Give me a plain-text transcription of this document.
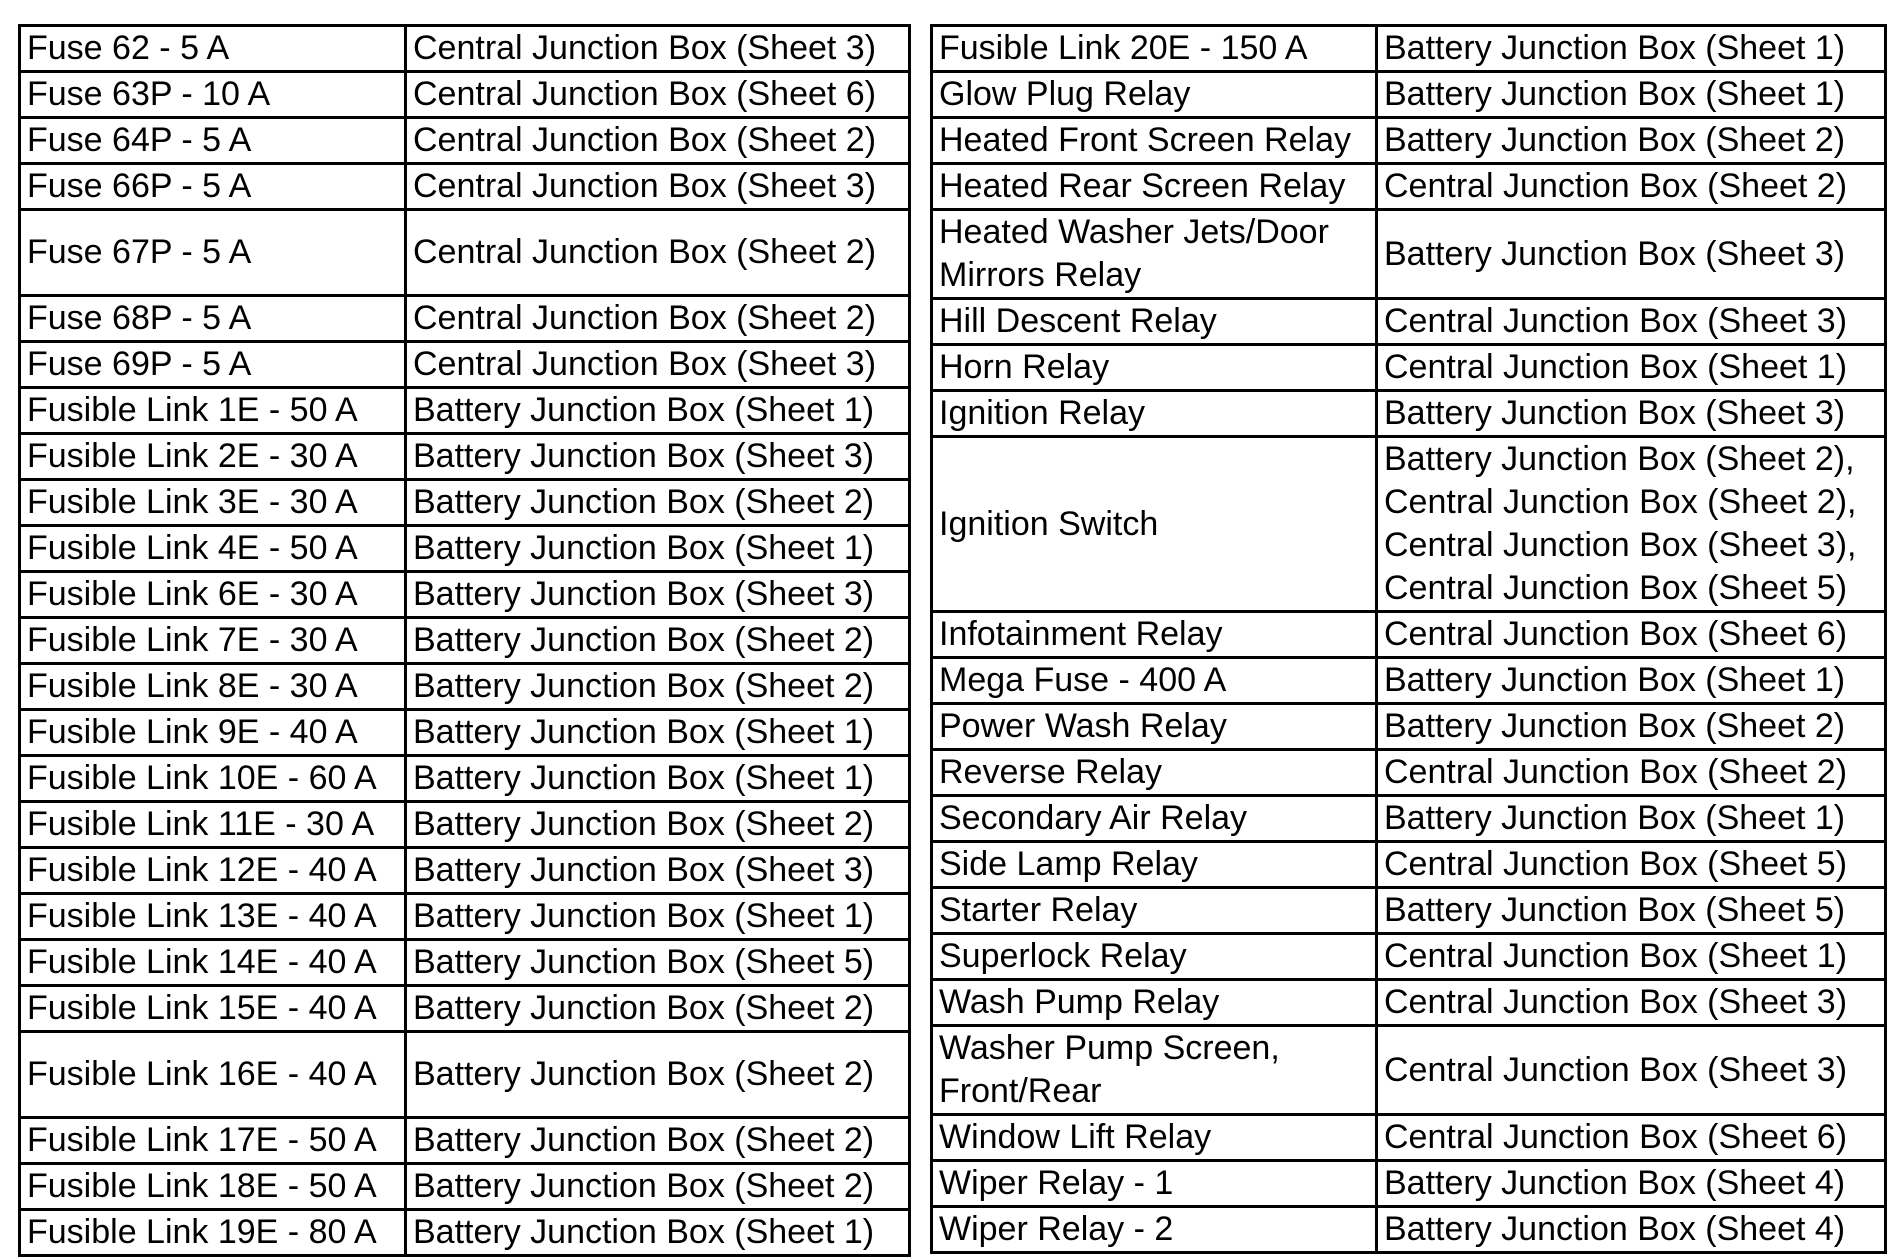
Fuse 62 - 5 A	Central Junction Box (Sheet 3)
Fuse 63P - 10 A	Central Junction Box (Sheet 6)
Fuse 64P - 5 A	Central Junction Box (Sheet 2)
Fuse 66P - 5 A	Central Junction Box (Sheet 3)
Fuse 67P - 5 A	Central Junction Box (Sheet 2)
Fuse 68P - 5 A	Central Junction Box (Sheet 2)
Fuse 69P - 5 A	Central Junction Box (Sheet 3)
Fusible Link 1E - 50 A	Battery Junction Box (Sheet 1)
Fusible Link 2E - 30 A	Battery Junction Box (Sheet 3)
Fusible Link 3E - 30 A	Battery Junction Box (Sheet 2)
Fusible Link 4E - 50 A	Battery Junction Box (Sheet 1)
Fusible Link 6E - 30 A	Battery Junction Box (Sheet 3)
Fusible Link 7E - 30 A	Battery Junction Box (Sheet 2)
Fusible Link 8E - 30 A	Battery Junction Box (Sheet 2)
Fusible Link 9E - 40 A	Battery Junction Box (Sheet 1)
Fusible Link 10E - 60 A	Battery Junction Box (Sheet 1)
Fusible Link 11E - 30 A	Battery Junction Box (Sheet 2)
Fusible Link 12E - 40 A	Battery Junction Box (Sheet 3)
Fusible Link 13E - 40 A	Battery Junction Box (Sheet 1)
Fusible Link 14E - 40 A	Battery Junction Box (Sheet 5)
Fusible Link 15E - 40 A	Battery Junction Box (Sheet 2)
Fusible Link 16E - 40 A	Battery Junction Box (Sheet 2)
Fusible Link 17E - 50 A	Battery Junction Box (Sheet 2)
Fusible Link 18E - 50 A	Battery Junction Box (Sheet 2)
Fusible Link 19E - 80 A	Battery Junction Box (Sheet 1)
Fusible Link 20E - 150 A	Battery Junction Box (Sheet 1)
Glow Plug Relay	Battery Junction Box (Sheet 1)
Heated Front Screen Relay	Battery Junction Box (Sheet 2)
Heated Rear Screen Relay	Central Junction Box (Sheet 2)
Heated Washer Jets/Door Mirrors Relay	Battery Junction Box (Sheet 3)
Hill Descent Relay	Central Junction Box (Sheet 3)
Horn Relay	Central Junction Box (Sheet 1)
Ignition Relay	Battery Junction Box (Sheet 3)
Ignition Switch	Battery Junction Box (Sheet 2),
Central Junction Box (Sheet 2),
Central Junction Box (Sheet 3),
Central Junction Box (Sheet 5)

Infotainment Relay	Central Junction Box (Sheet 6)
Mega Fuse - 400 A	Battery Junction Box (Sheet 1)
Power Wash Relay	Battery Junction Box (Sheet 2)
Reverse Relay	Central Junction Box (Sheet 2)
Secondary Air Relay	Battery Junction Box (Sheet 1)
Side Lamp Relay	Central Junction Box (Sheet 5)
Starter Relay	Battery Junction Box (Sheet 5)
Superlock Relay	Central Junction Box (Sheet 1)
Wash Pump Relay	Central Junction Box (Sheet 3)
Washer Pump Screen, Front/Rear	Central Junction Box (Sheet 3)
Window Lift Relay	Central Junction Box (Sheet 6)
Wiper Relay - 1	Battery Junction Box (Sheet 4)
Wiper Relay - 2	Battery Junction Box (Sheet 4)
